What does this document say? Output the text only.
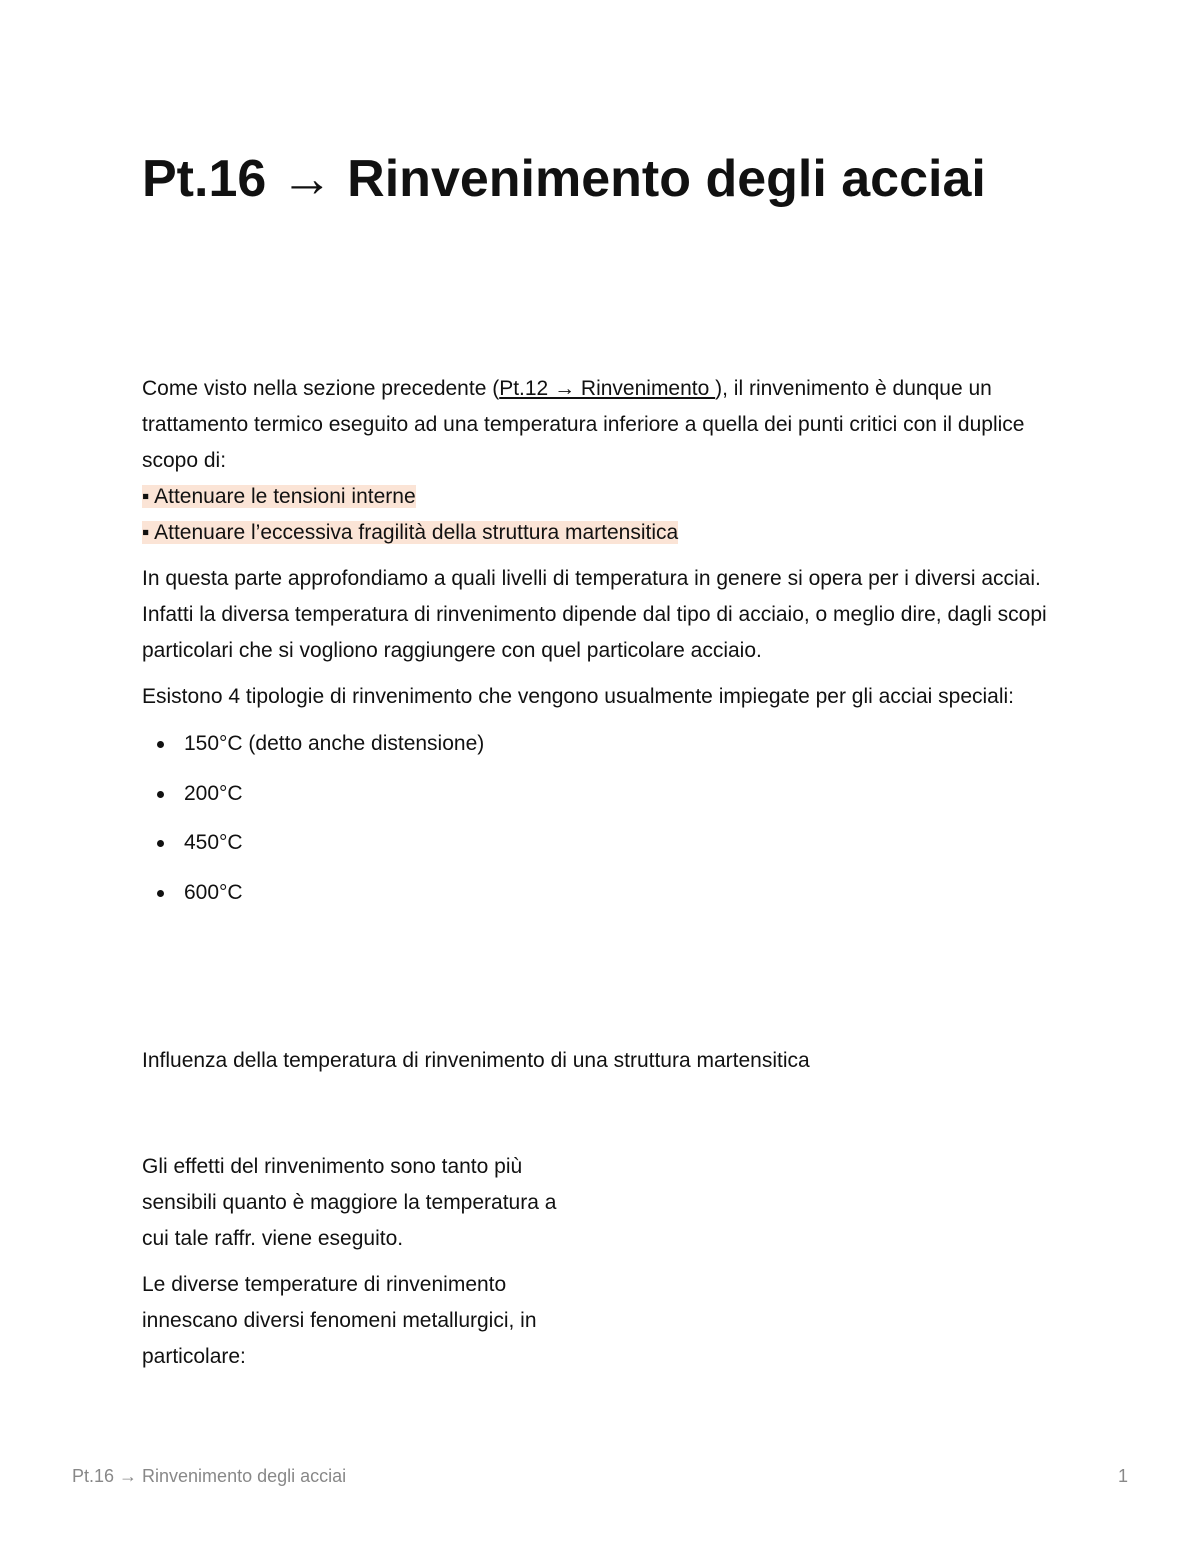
Pt.16 → Rinvenimento degli acciai

Come visto nella sezione precedente (Pt.12 → Rinvenimento ), il rinvenimento è dunque un trattamento termico eseguito ad una temperatura inferiore a quella dei punti critici con il duplice scopo di:

▪ Attenuare le tensioni interne
▪ Attenuare l’eccessiva fragilità della struttura martensitica

In questa parte approfondiamo a quali livelli di temperatura in genere si opera per i diversi acciai. Infatti la diversa temperatura di rinvenimento dipende dal tipo di acciaio, o meglio dire, dagli scopi particolari che si vogliono raggiungere con quel particolare acciaio.

Esistono 4 tipologie di rinvenimento che vengono usualmente impiegate per gli acciai speciali:

150°C (detto anche distensione)
200°C
450°C
600°C

Influenza della temperatura di rinvenimento di una struttura martensitica

Gli effetti del rinvenimento sono tanto più sensibili quanto è maggiore la temperatura a cui tale raffr. viene eseguito.

Le diverse temperature di rinvenimento innescano diversi fenomeni metallurgici, in particolare:

Pt.16 → Rinvenimento degli acciai	1
